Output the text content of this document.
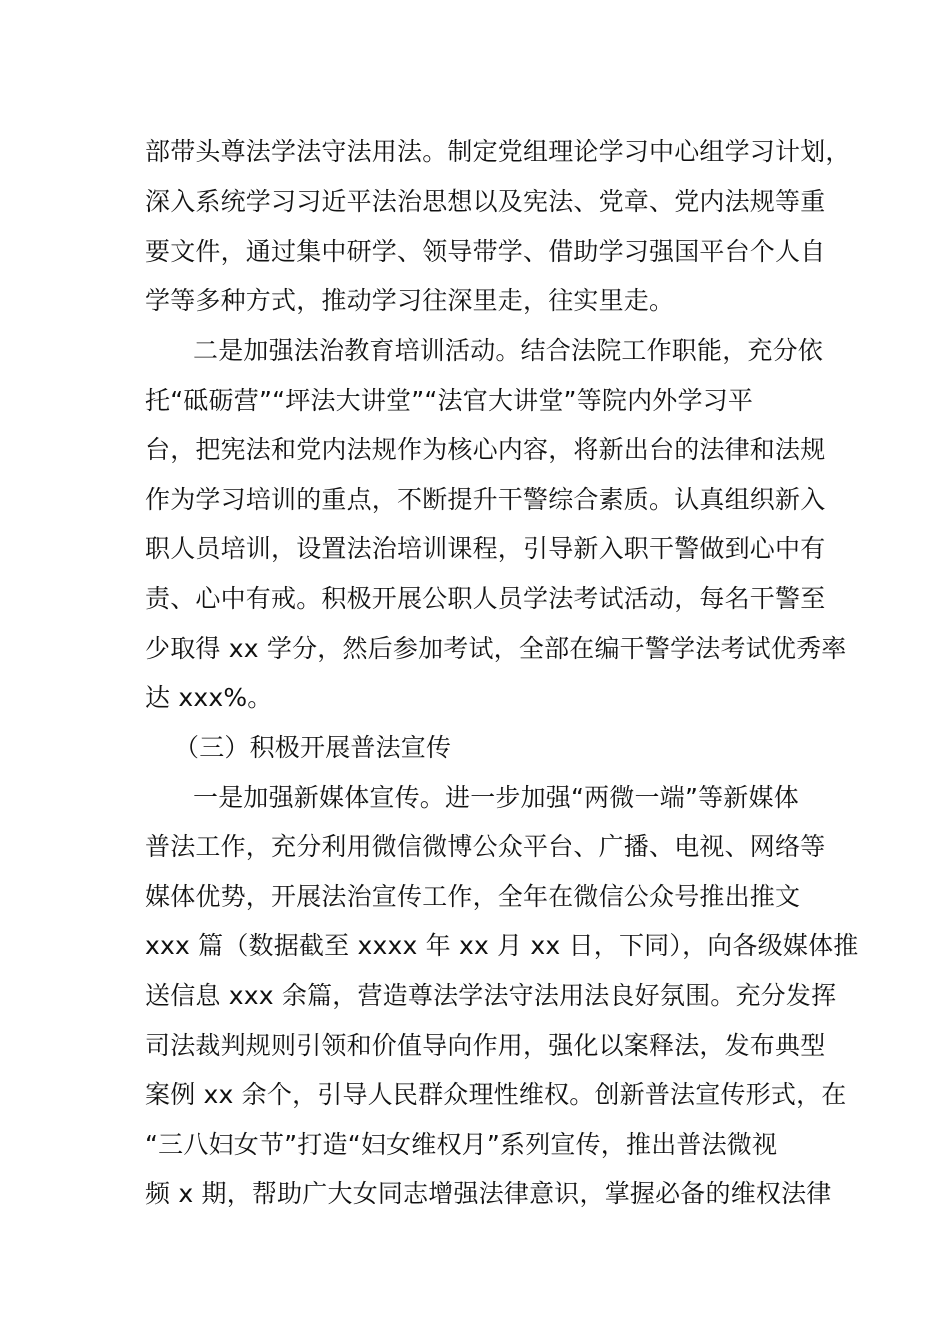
部带头尊法学法守法用法。制定党组理论学习中心组学习计划，
深入系统学习习近平法治思想以及宪法、党章、党内法规等重
要文件，通过集中研学、领导带学、借助学习强国平台个人自
学等多种方式，推动学习往深里走，往实里走。
二是加强法治教育培训活动。结合法院工作职能，充分依
托“砥砺营”“坪法大讲堂”“法官大讲堂”等院内外学习平
台，把宪法和党内法规作为核心内容，将新出台的法律和法规
作为学习培训的重点，不断提升干警综合素质。认真组织新入
职人员培训，设置法治培训课程，引导新入职干警做到心中有
责、心中有戒。积极开展公职人员学法考试活动，每名干警至
少取得 xx 学分，然后参加考试，全部在编干警学法考试优秀率
达 xxx%。
（三）积极开展普法宣传
一是加强新媒体宣传。进一步加强“两微一端”等新媒体
普法工作，充分利用微信微博公众平台、广播、电视、网络等
媒体优势，开展法治宣传工作，全年在微信公众号推出推文
xxx 篇（数据截至 xxxx 年 xx 月 xx 日，下同），向各级媒体推
送信息 xxx 余篇，营造尊法学法守法用法良好氛围。充分发挥
司法裁判规则引领和价值导向作用，强化以案释法，发布典型
案例 xx 余个，引导人民群众理性维权。创新普法宣传形式，在
“三八妇女节”打造“妇女维权月”系列宣传，推出普法微视
频 x 期，帮助广大女同志增强法律意识，掌握必备的维权法律
